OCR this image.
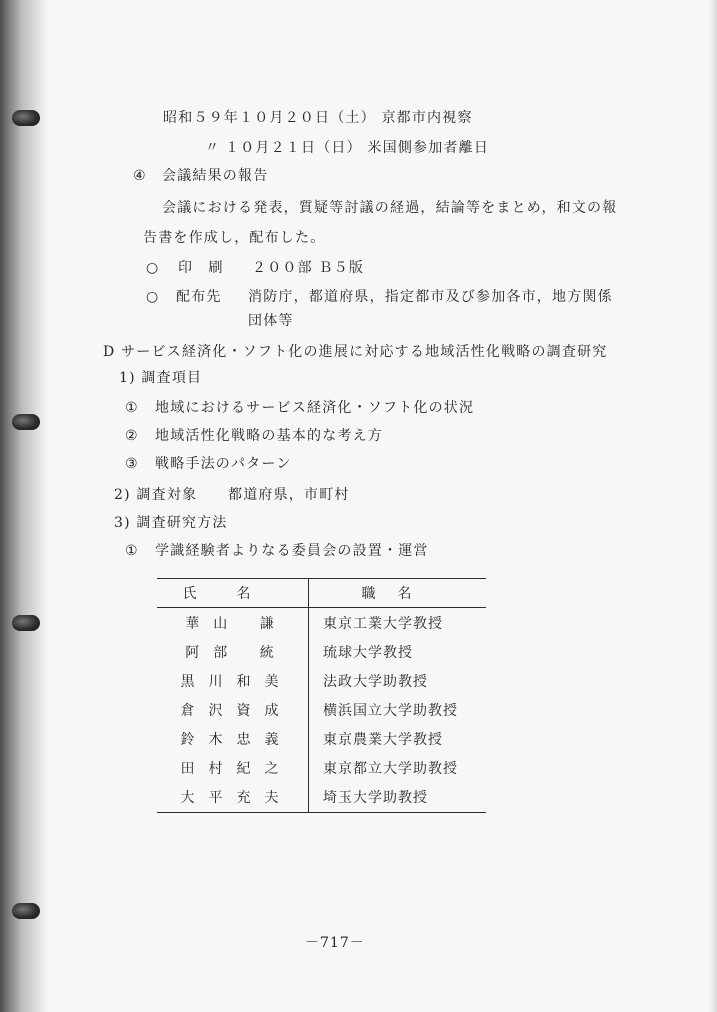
昭和５９年１０月２０日（土） 京都市内視察
〃 １０月２１日（日） 米国側参加者離日
④ 会議結果の報告
会議における発表，質疑等討議の経過，結論等をまとめ，和文の報
告書を作成し，配布した。
○ 印 刷 ２００部 Ｂ５版
○ 配布先 消防庁，都道府県，指定都市及び参加各市，地方関係
団体等
D サービス経済化・ソフト化の進展に対応する地域活性化戦略の調査研究
1) 調査項目
① 地域におけるサービス経済化・ソフト化の状況
② 地域活性化戦略の基本的な考え方
③ 戦略手法のパターン
2) 調査対象 都道府県，市町村
3) 調査研究方法
① 学識経験者よりなる委員会の設置・運営
氏名	職名
華山 謙	東京工業大学教授
阿部 統	琉球大学教授
黒川和美	法政大学助教授
倉沢資成	横浜国立大学助教授
鈴木忠義	東京農業大学教授
田村紀之	東京都立大学助教授
大平充夫	埼玉大学助教授
－717－
